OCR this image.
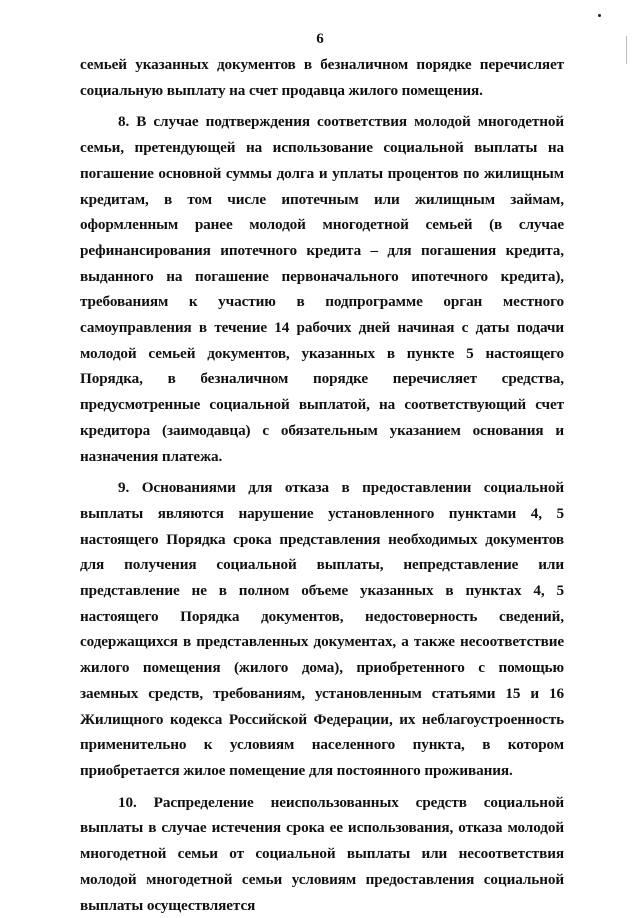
6

семьей указанных документов в безналичном порядке перечисляет социальную выплату на счет продавца жилого помещения.

8. В случае подтверждения соответствия молодой многодетной семьи, претендующей на использование социальной выплаты на погашение основной суммы долга и уплаты процентов по жилищным кредитам, в том числе ипотечным или жилищным займам, оформленным ранее молодой многодетной семьей (в случае рефинансирования ипотечного кредита – для погашения кредита, выданного на погашение первоначального ипотечного кредита), требованиям к участию в подпрограмме орган местного самоуправления в течение 14 рабочих дней начиная с даты подачи молодой семьей документов, указанных в пункте 5 настоящего Порядка, в безналичном порядке перечисляет средства, предусмотренные социальной выплатой, на соответствующий счет кредитора (заимодавца) с обязательным указанием основания и назначения платежа.

9. Основаниями для отказа в предоставлении социальной выплаты являются нарушение установленного пунктами 4, 5 настоящего Порядка срока представления необходимых документов для получения социальной выплаты, непредставление или представление не в полном объеме указанных в пунктах 4, 5 настоящего Порядка документов, недостоверность сведений, содержащихся в представленных документах, а также несоответствие жилого помещения (жилого дома), приобретенного с помощью заемных средств, требованиям, установленным статьями 15 и 16 Жилищного кодекса Российской Федерации, их неблагоустроенность применительно к условиям населенного пункта, в котором приобретается жилое помещение для постоянного проживания.

10. Распределение неиспользованных средств социальной выплаты в случае истечения срока ее использования, отказа молодой многодетной семьи от социальной выплаты или несоответствия молодой многодетной семьи условиям предоставления социальной выплаты осуществляется
